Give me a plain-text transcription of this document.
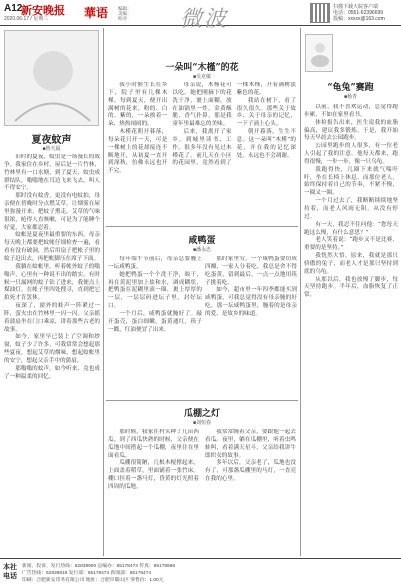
A12
新安晚报
2020.06.17 / 星期三	華语 编辑：
美编：
校对： 微波	扫描下载大皖客户端
电话：0551-62396699
投稿：xxxxx@163.com
夏夜蚊声
■鲁天福

旧时的夏夜，蚊虫是一场漫长的战争。我家住在乡村，屋后是一片竹林，竹林里有一口水塘，到了夏天，蚊虫成群结队，嗡嗡地在耳边飞来飞去，叫人不得安宁。

那时没有蚊香，更没有电蚊拍，母亲便在傍晚时分点燃艾草，让烟雾在屋里弥漫开来，把蚊子熏走。艾草的气味很浓，呛得人直咳嗽，可是为了能睡个好觉，大家都忍着。

蚊帐是夏夜里最重要的东西。母亲每天晚上都要把蚊帐仔细检查一遍，看看有没有破洞，然后用扇子把帐子里的蚊子赶出去，再把帐脚压在席子下面。

我躺在蚊帐里，听着帐外蚊子的嗡嗡声，心里有一种说不出的踏实。有时候一只漏网的蚊子钻了进来，我便点上煤油灯，在帐子里四处搜寻，直到把它拍死才肯罢休。

夜深了，窗外的蛙声一阵紧过一阵，萤火虫在竹林里一闪一闪。父亲摇着蒲扇坐在门口乘凉，讲着那些古老的故事。

如今，家里早已装上了空调和纱窗，蚊子少了许多，可我常常会想起那些夏夜，想起艾草的烟味，想起蚊帐里的安宁，想起父亲手中的蒲扇。

那嗡嗡的蚊声，如今听来，竟也成了一种温柔的回忆。

一朵叫“木槿”的花
■吴克敏

我小时候生长在乡下，院子里有几棵木槿，每到夏天，便开出满树的花来，粉的、白的、紫的，一朵挨着一朵，热热闹闹的。

木槿花朝开暮落，每朵花只开一天，可是一棵树上的花却接连不断地开，从初夏一直开到深秋，仿佛永远也开不完。

母亲说，木槿花可以吃。她把刚摘下的花洗干净，裹上面糊，放在油锅里一炸，金黄酥脆，香气扑鼻。那是我童年里最难忘的美味。

后来，我离开了家乡，到城里读书、工作，很多年没有见过木槿花了。前几天在小区的花园里，竟然看到了一棵木槿，开着满树淡紫色的花。

我站在树下，看了很久很久。那些关于故乡、关于母亲的记忆，一下子涌上心头。

朝开暮落，生生不息。这一朵叫“木槿”的花，开在我的记忆深处，永远也不会凋谢。

咸鸭蛋
■潘永忠

每年端午节前后，母亲总要腌上一坛咸鸭蛋。

她把鸭蛋一个个洗干净，晾干，再在黄泥里加上盐和水，调成糊状，把鸭蛋在泥糊里滚一圈，裹上厚厚的一层，一层层码进坛子里，封好坛口。

一个月后，咸鸭蛋就腌好了。敲开蛋壳，蛋白细嫩，蛋黄通红，筷子一戳，红油便冒了出来。

那时家里穷，一个咸鸭蛋要切成四瓣，一家人分着吃。我总是舍不得吃蛋黄，留到最后，一点一点地用筷子挑着吃。

如今，超市里一年四季都能买到咸鸭蛋，可我总觉得没有母亲腌的好吃。那一坛咸鸭蛋里，腌着的是母亲的爱，是故乡的味道。

瓜棚之灯
■刘恒春

那时候，我家在村头种了几亩西瓜。到了西瓜快熟的时候，父亲便在瓜地中间搭起一个瓜棚，夜里住在里面看瓜。

瓜棚很简陋，几根木棍撑起来，上面盖着稻草，里面铺着一张竹床。棚口挂着一盏马灯，昏黄的灯光照着四周的瓜地。

我常常缠着父亲，要跟他一起去看瓜。夜里，躺在瓜棚里，听着虫鸣蛙叫，看着满天星斗，父亲给我讲牛郎织女的故事。

多年以后，父亲老了，瓜地也没有了，可那盏瓜棚里的马灯，一直亮在我的心里。

“龟兔”赛跑
■杨青

以前，我不喜欢运动，总觉得跑步累，不如在家里看书。

体检报告出来，医生说我的血脂偏高，建议我多锻炼。于是，我开始每天早晨去公园跑步。

公园里跑步的人很多，有一位老人引起了我的注意。他每天都来，跑得很慢，一步一步，像一只乌龟。

我跑得快，几圈下来就气喘吁吁，坐在长椅上休息。而那位老人，始终保持着自己的节奏，不紧不慢，一圈又一圈。

一个月过去了，我断断续续地坚持着，而老人风雨无阻，从没有停过。

有一天，我忍不住问他：“您每天跑这么慢，有什么意思？”

老人笑着说：“跑步又不是比赛，重要的是坚持。”

我恍然大悟。原来，我就是那只骄傲的兔子，而老人才是那只坚持到底的乌龟。

从那以后，我也放慢了脚步，每天坚持跑步。半年后，血脂恢复了正常。

本社电话
新闻、投诉、发行热线：62839900 总编办：65178474 传真：65178968
广告热线：62839818 发行部：65178474 新闻部：65178474
印刷：合肥新安印务有限公司 地址：合肥市蜀山区 零售价：1.00元
